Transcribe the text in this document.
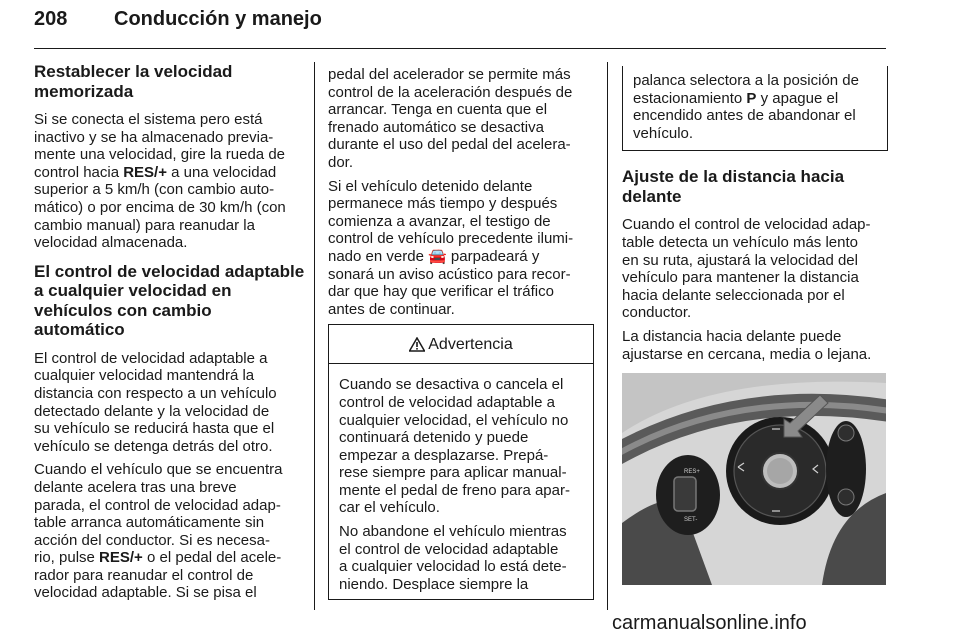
208 Conducción y manejo
Restablecer la velocidad
memorizada
Si se conecta el sistema pero está
inactivo y se ha almacenado previa-
mente una velocidad, gire la rueda de
control hacia RES/+ a una velocidad
superior a 5 km/h (con cambio auto-
mático) o por encima de 30 km/h (con
cambio manual) para reanudar la
velocidad almacenada.
El control de velocidad adaptable
a cualquier velocidad en
vehículos con cambio automático
El control de velocidad adaptable a
cualquier velocidad mantendrá la
distancia con respecto a un vehículo
detectado delante y la velocidad de
su vehículo se reducirá hasta que el
vehículo se detenga detrás del otro.
Cuando el vehículo que se encuentra
delante acelera tras una breve
parada, el control de velocidad adap-
table arranca automáticamente sin
acción del conductor. Si es necesa-
rio, pulse RES/+ o el pedal del acele-
rador para reanudar el control de
velocidad adaptable. Si se pisa el
pedal del acelerador se permite más
control de la aceleración después de
arrancar. Tenga en cuenta que el
frenado automático se desactiva
durante el uso del pedal del acelera-
dor.
Si el vehículo detenido delante
permanece más tiempo y después
comienza a avanzar, el testigo de
control de vehículo precedente ilumi-
nado en verde 🚘 parpadeará y
sonará un aviso acústico para recor-
dar que hay que verificar el tráfico
antes de continuar.
Advertencia
Cuando se desactiva o cancela el
control de velocidad adaptable a
cualquier velocidad, el vehículo no
continuará detenido y puede
empezar a desplazarse. Prepá-
rese siempre para aplicar manual-
mente el pedal de freno para apar-
car el vehículo.
No abandone el vehículo mientras
el control de velocidad adaptable
a cualquier velocidad lo está dete-
niendo. Desplace siempre la
palanca selectora a la posición de
estacionamiento P y apague el
encendido antes de abandonar el
vehículo.
Ajuste de la distancia hacia
delante
Cuando el control de velocidad adap-
table detecta un vehículo más lento
en su ruta, ajustará la velocidad del
vehículo para mantener la distancia
hacia delante seleccionada por el
conductor.
La distancia hacia delante puede
ajustarse en cercana, media o lejana.
RES+
SET-
carmanualsonline.info
